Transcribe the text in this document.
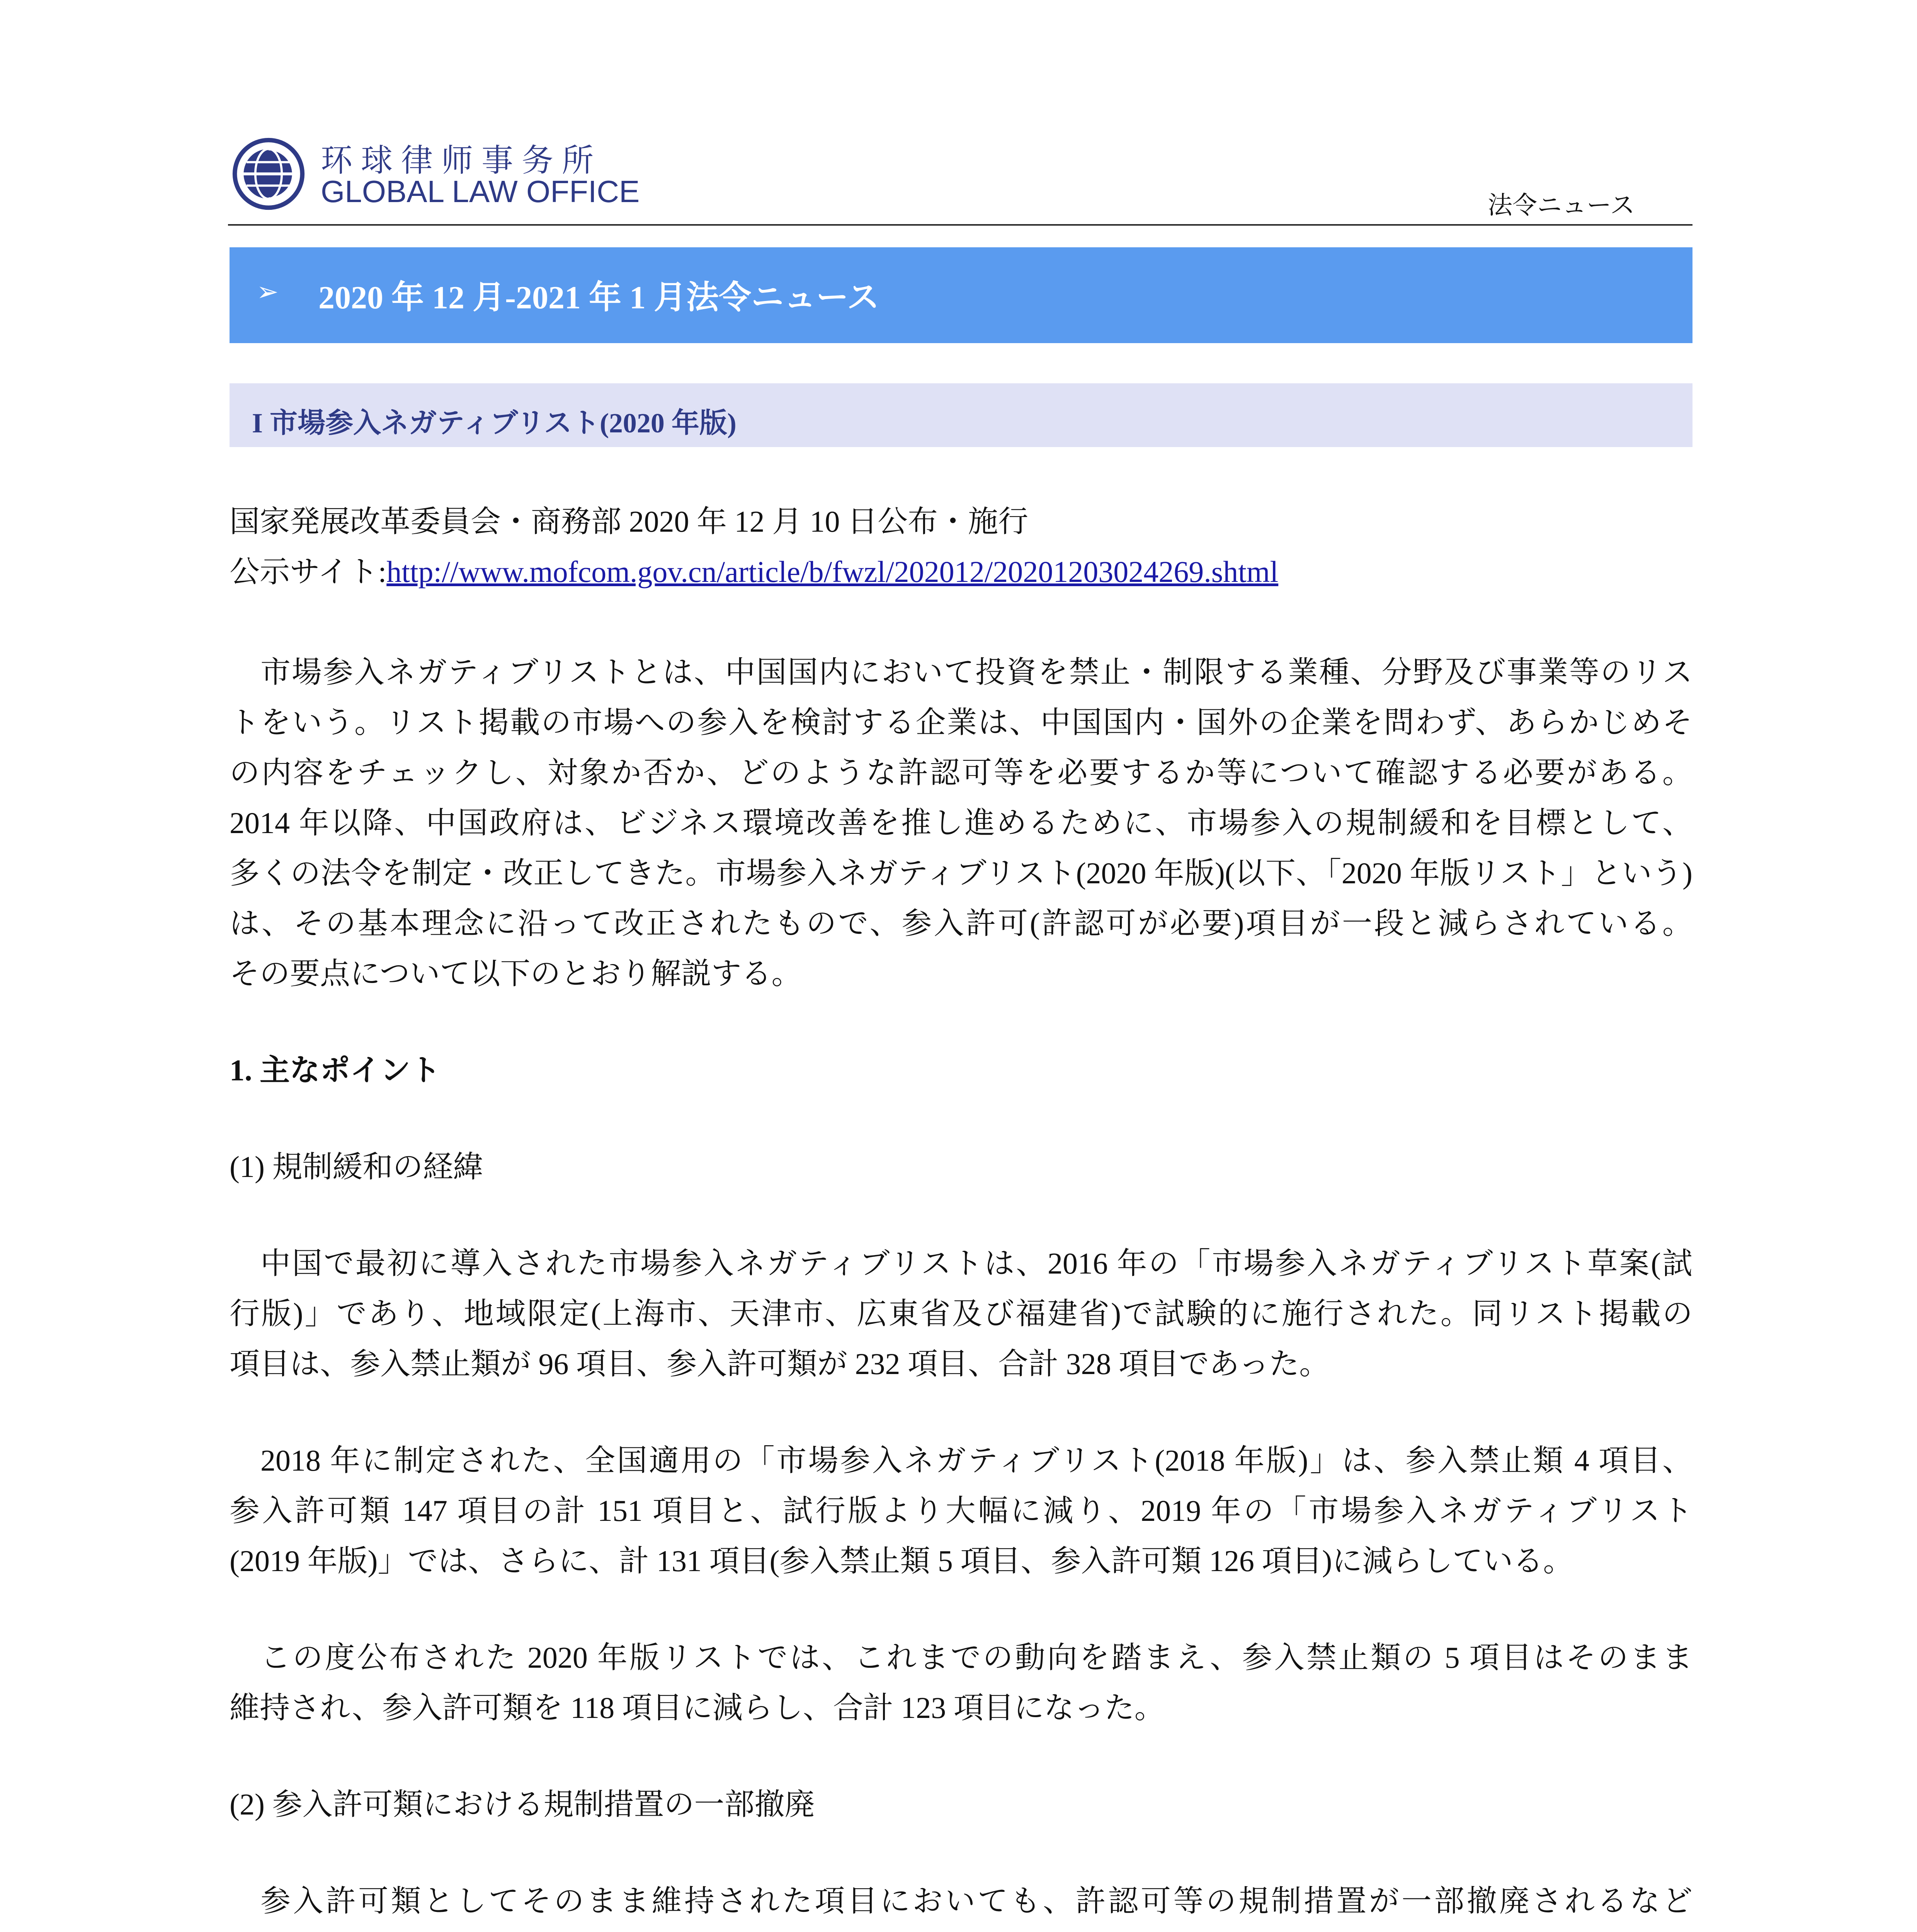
环球律师事务所
GLOBAL LAW OFFICE	法令ニュース
➢ 2020 年 12 月-2021 年 1 月法令ニュース
I 市場参入ネガティブリスト(2020 年版)
国家発展改革委員会・商務部 2020 年 12 月 10 日公布・施行
公示サイト:http://www.mofcom.gov.cn/article/b/fwzl/202012/20201203024269.shtml
市場参入ネガティブリストとは、中国国内において投資を禁止・制限する業種、分野及び事業等のリス
トをいう。リスト掲載の市場への参入を検討する企業は、中国国内・国外の企業を問わず、あらかじめそ
の内容をチェックし、対象か否か、どのような許認可等を必要するか等について確認する必要がある。
2014 年以降、中国政府は、ビジネス環境改善を推し進めるために、市場参入の規制緩和を目標として、
多くの法令を制定・改正してきた。市場参入ネガティブリスト(2020 年版)(以下、「2020 年版リスト」という)
は、その基本理念に沿って改正されたもので、参入許可(許認可が必要)項目が一段と減らされている。
その要点について以下のとおり解説する。
1. 主なポイント
(1) 規制緩和の経緯
中国で最初に導入された市場参入ネガティブリストは、2016 年の「市場参入ネガティブリスト草案(試
行版)」であり、地域限定(上海市、天津市、広東省及び福建省)で試験的に施行された。同リスト掲載の
項目は、参入禁止類が 96 項目、参入許可類が 232 項目、合計 328 項目であった。
2018 年に制定された、全国適用の「市場参入ネガティブリスト(2018 年版)」は、参入禁止類 4 項目、
参入許可類 147 項目の計 151 項目と、試行版より大幅に減り、2019 年の「市場参入ネガティブリスト
(2019 年版)」では、さらに、計 131 項目(参入禁止類 5 項目、参入許可類 126 項目)に減らしている。
この度公布された 2020 年版リストでは、これまでの動向を踏まえ、参入禁止類の 5 項目はそのまま
維持され、参入許可類を 118 項目に減らし、合計 123 項目になった。
(2) 参入許可類における規制措置の一部撤廃
参入許可類としてそのまま維持された項目においても、許認可等の規制措置が一部撤廃されるなど
